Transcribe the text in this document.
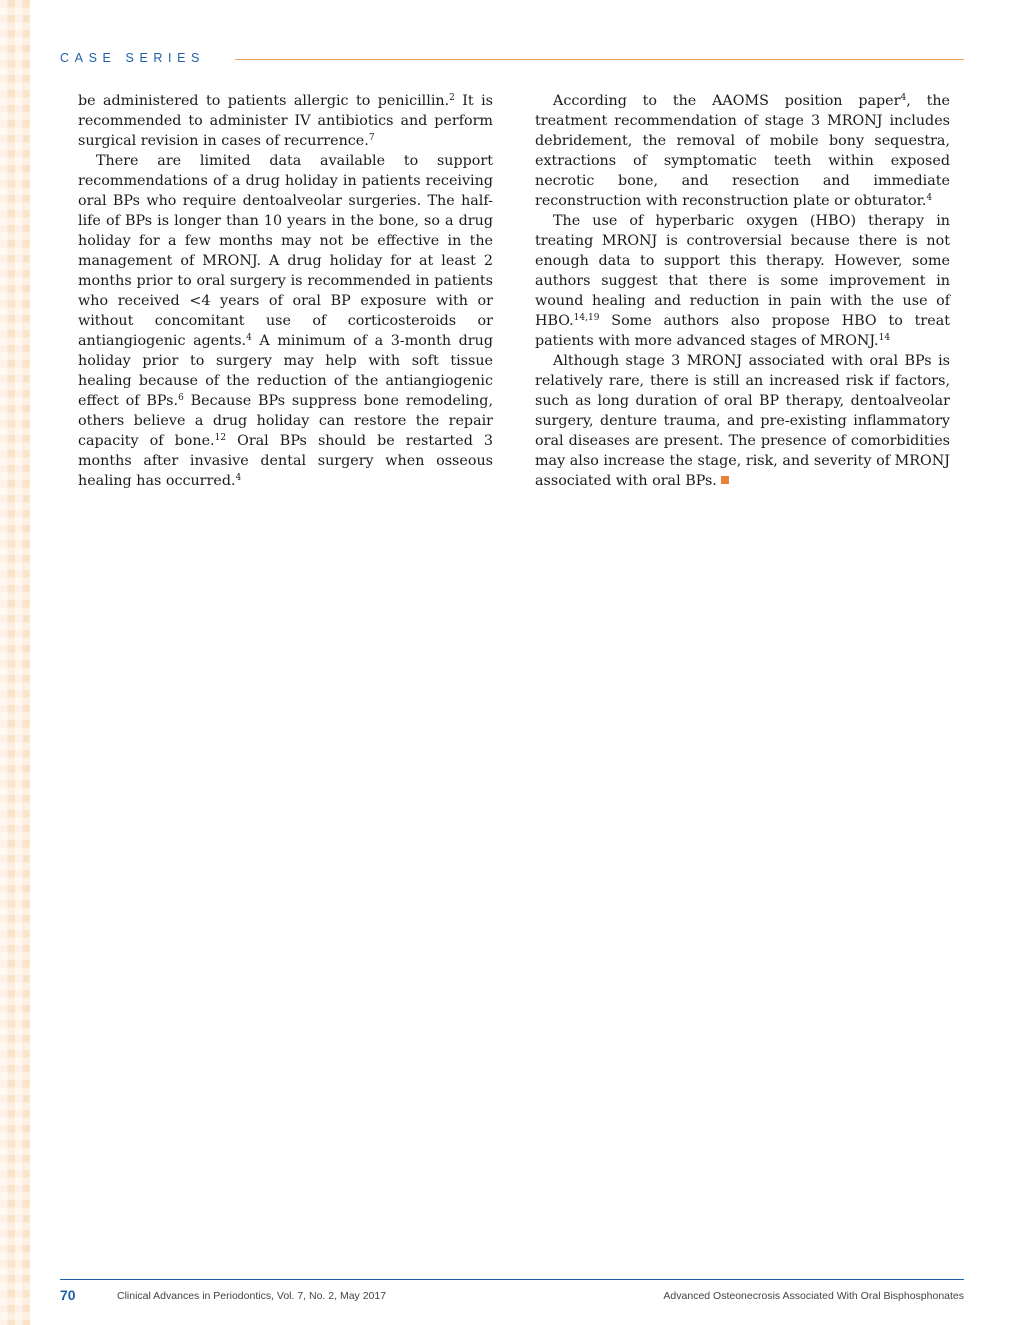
CASE SERIES

be administered to patients allergic to penicillin.$^2$ It is recommended to administer IV antibiotics and perform surgical revision in cases of recurrence.$^7$

There are limited data available to support recommendations of a drug holiday in patients receiving oral BPs who require dentoalveolar surgeries. The half-life of BPs is longer than 10 years in the bone, so a drug holiday for a few months may not be effective in the management of MRONJ. A drug holiday for at least 2 months prior to oral surgery is recommended in patients who received <4 years of oral BP exposure with or without concomitant use of corticosteroids or antiangiogenic agents.$^4$ A minimum of a 3-month drug holiday prior to surgery may help with soft tissue healing because of the reduction of the antiangiogenic effect of BPs.$^6$ Because BPs suppress bone remodeling, others believe a drug holiday can restore the repair capacity of bone.$^{12}$ Oral BPs should be restarted 3 months after invasive dental surgery when osseous healing has occurred.$^4$

According to the AAOMS position paper$^4$, the treatment recommendation of stage 3 MRONJ includes debridement, the removal of mobile bony sequestra, extractions of symptomatic teeth within exposed necrotic bone, and resection and immediate reconstruction with reconstruction plate or obturator.$^4$

The use of hyperbaric oxygen (HBO) therapy in treating MRONJ is controversial because there is not enough data to support this therapy. However, some authors suggest that there is some improvement in wound healing and reduction in pain with the use of HBO.$^{14,19}$ Some authors also propose HBO to treat patients with more advanced stages of MRONJ.$^{14}$

Although stage 3 MRONJ associated with oral BPs is relatively rare, there is still an increased risk if factors, such as long duration of oral BP therapy, dentoalveolar surgery, denture trauma, and pre-existing inflammatory oral diseases are present. The presence of comorbidities may also increase the stage, risk, and severity of MRONJ associated with oral BPs.

70	Clinical Advances in Periodontics, Vol. 7, No. 2, May 2017	Advanced Osteonecrosis Associated With Oral Bisphosphonates
